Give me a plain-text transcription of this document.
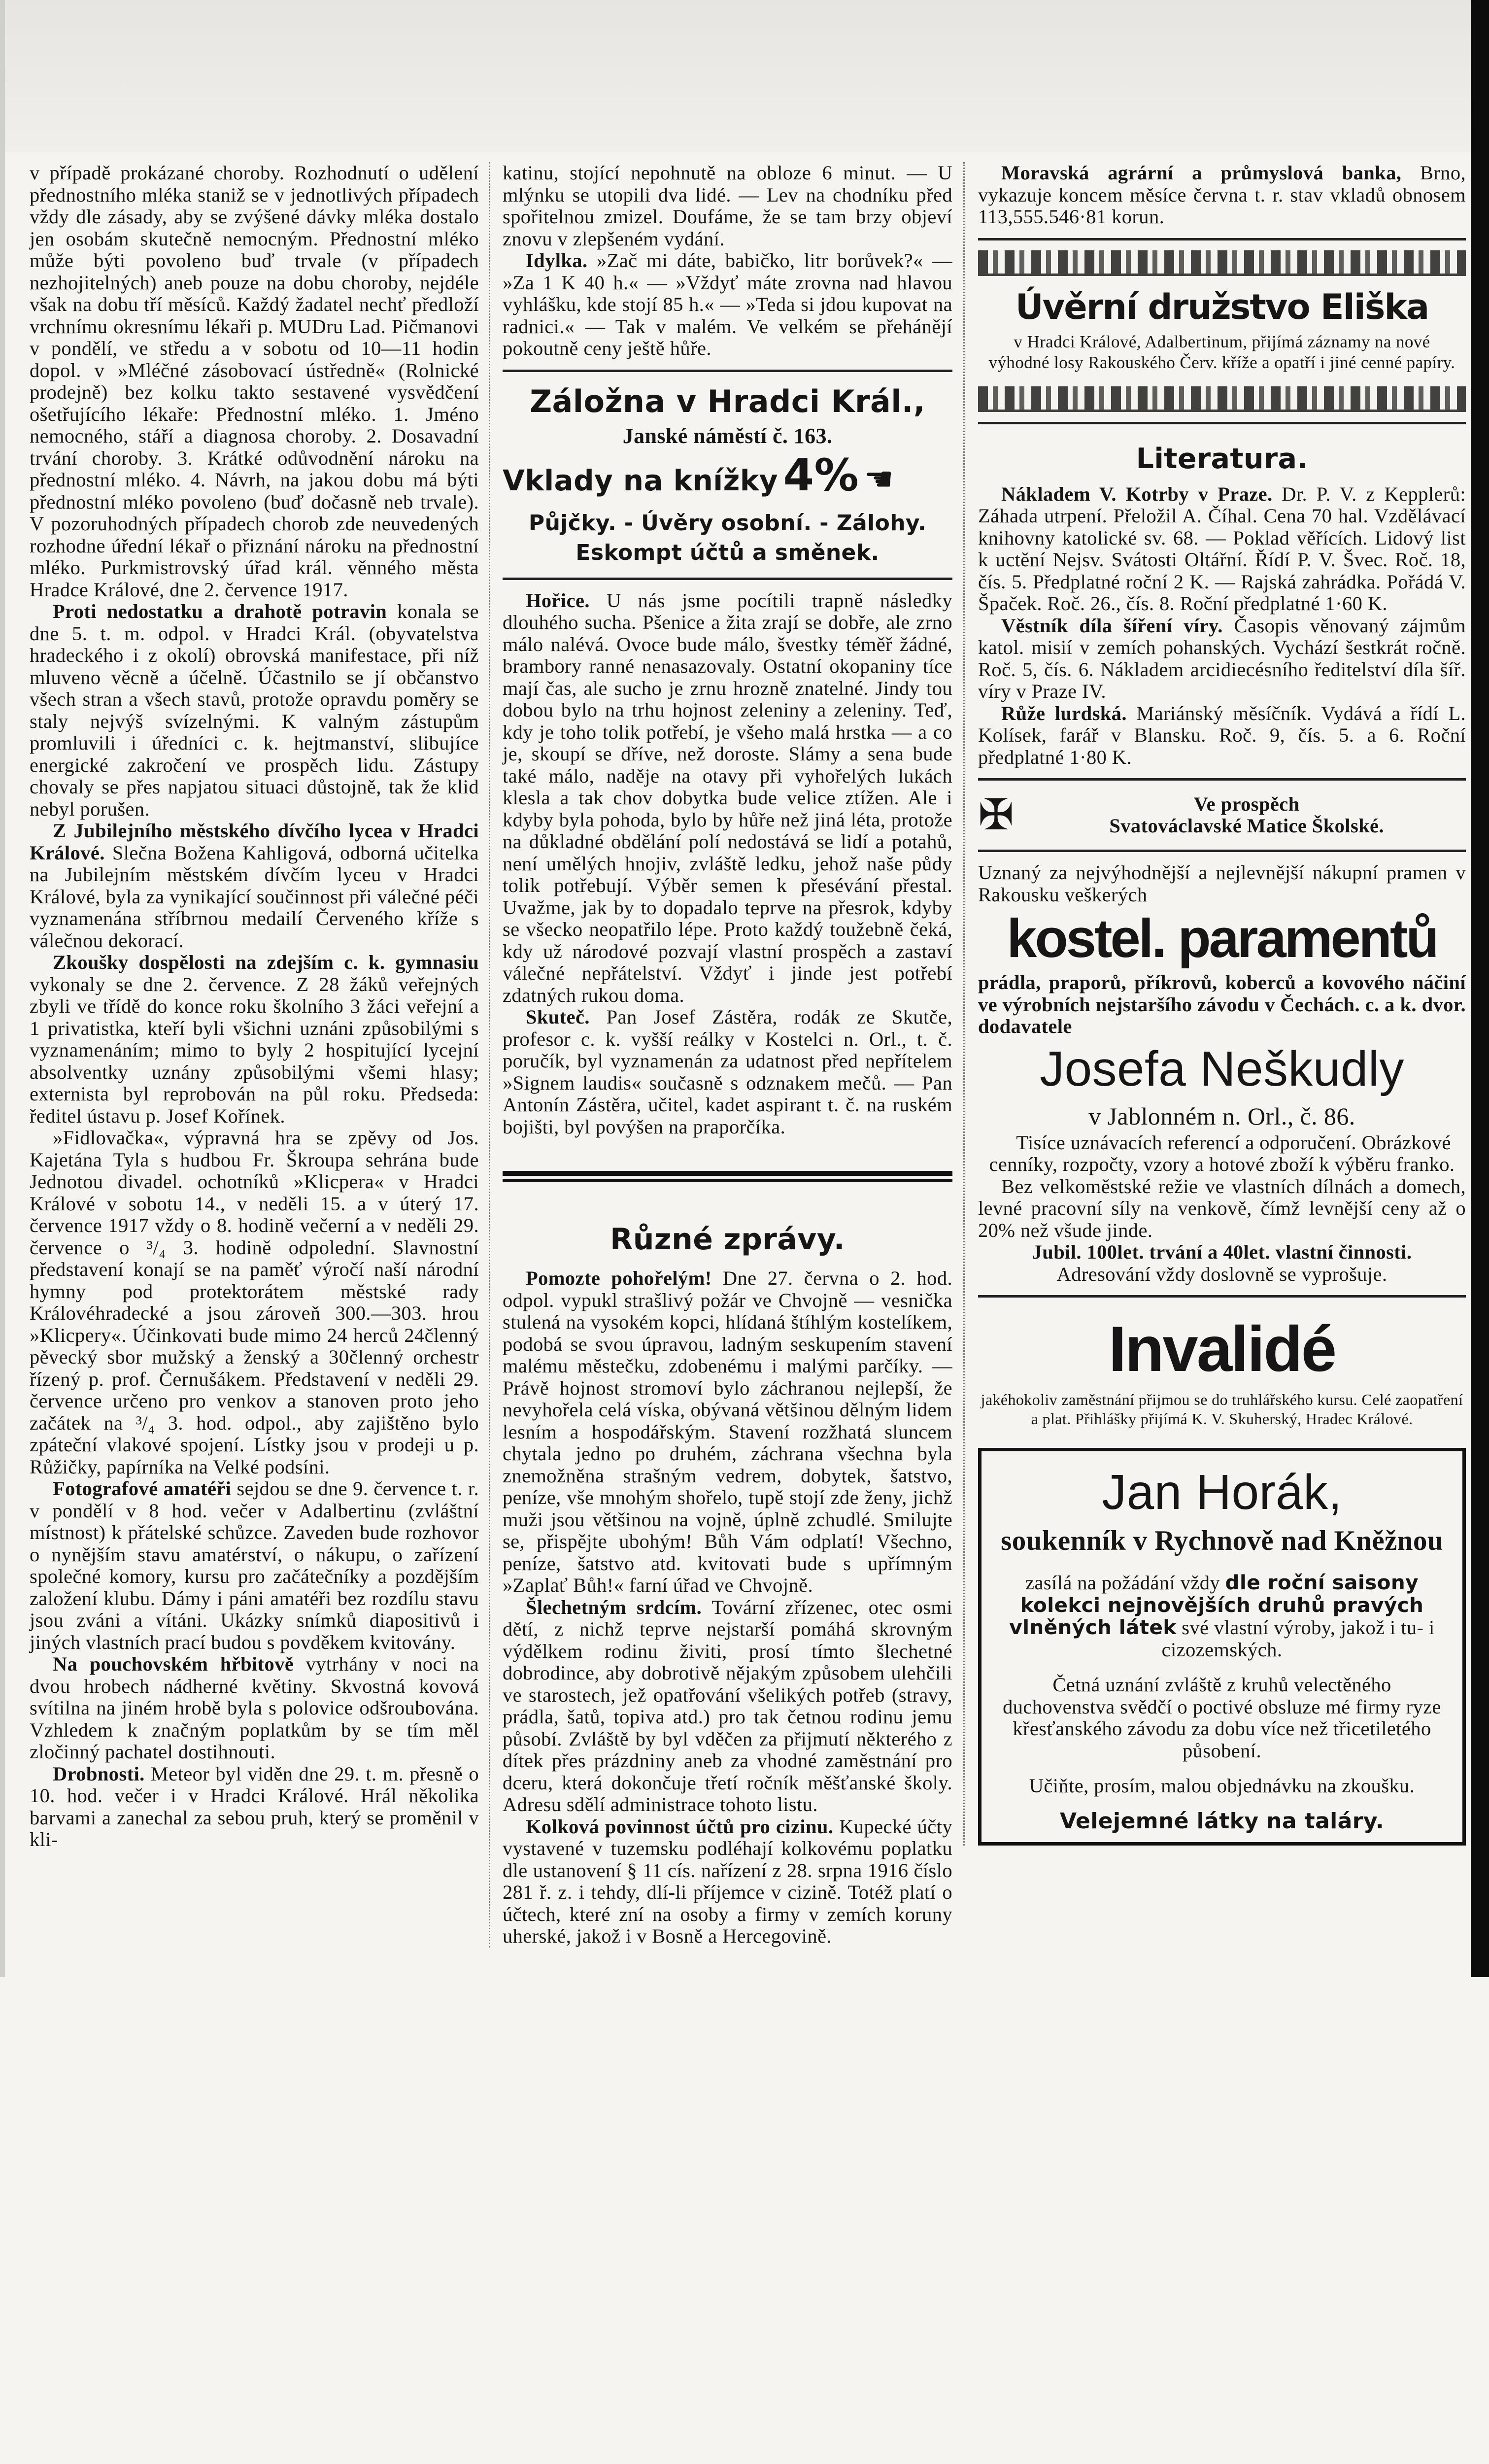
v případě prokázané choroby. Rozhodnutí o udělení přednostního mléka staniž se v jednotlivých případech vždy dle zásady, aby se zvýšené dávky mléka dostalo jen osobám skutečně nemocným. Přednostní mléko může býti povoleno buď trvale (v případech nezhojitelných) aneb pouze na dobu choroby, nejdéle však na dobu tří měsíců. Každý žadatel nechť předloží vrchnímu okresnímu lékaři p. MUDru Lad. Pičmanovi v pondělí, ve středu a v sobotu od 10—11 hodin dopol. v »Mléčné zásobovací ústředně« (Rolnické prodejně) bez kolku takto sestavené vysvědčení ošetřujícího lékaře: Přednostní mléko. 1. Jméno nemocného, stáří a diagnosa choroby. 2. Dosavadní trvání choroby. 3. Krátké odůvodnění nároku na přednostní mléko. 4. Návrh, na jakou dobu má býti přednostní mléko povoleno (buď dočasně neb trvale). V pozoruhodných případech chorob zde neuvedených rozhodne úřední lékař o přiznání nároku na přednostní mléko. Purkmistrovský úřad král. věnného města Hradce Králové, dne 2. července 1917.

Proti nedostatku a drahotě potravin konala se dne 5. t. m. odpol. v Hradci Král. (obyvatelstva hradeckého i z okolí) obrovská manifestace, při níž mluveno věcně a účelně. Účastnilo se jí občanstvo všech stran a všech stavů, protože opravdu poměry se staly nejvýš svízelnými. K valným zástupům promluvili i úředníci c. k. hejtmanství, slibujíce energické zakročení ve prospěch lidu. Zástupy chovaly se přes napjatou situaci důstojně, tak že klid nebyl porušen.

Z Jubilejního městského dívčího lycea v Hradci Králové. Slečna Božena Kahligová, odborná učitelka na Jubilejním městském dívčím lyceu v Hradci Králové, byla za vynikající součinnost při válečné péči vyznamenána stříbrnou medailí Červeného kříže s válečnou dekorací.

Zkoušky dospělosti na zdejším c. k. gymnasiu vykonaly se dne 2. července. Z 28 žáků veřejných zbyli ve třídě do konce roku školního 3 žáci veřejní a 1 privatistka, kteří byli všichni uznáni způsobilými s vyznamenáním; mimo to byly 2 hospitující lycejní absolventky uznány způsobilými všemi hlasy; externista byl reprobován na půl roku. Předseda: ředitel ústavu p. Josef Kořínek.

»Fidlovačka«, výpravná hra se zpěvy od Jos. Kajetána Tyla s hudbou Fr. Škroupa sehrána bude Jednotou divadel. ochotníků »Klicpera« v Hradci Králové v sobotu 14., v neděli 15. a v úterý 17. července 1917 vždy o 8. hodině večerní a v neděli 29. července o ³/₄ 3. hodině odpolední. Slavnostní představení konají se na paměť výročí naší národní hymny pod protektorátem městské rady Královéhradecké a jsou zároveň 300.—303. hrou »Klicpery«. Účinkovati bude mimo 24 herců 24členný pěvecký sbor mužský a ženský a 30členný orchestr řízený p. prof. Černušákem. Představení v neděli 29. července určeno pro venkov a stanoven proto jeho začátek na ³/₄ 3. hod. odpol., aby zajištěno bylo zpáteční vlakové spojení. Lístky jsou v prodeji u p. Růžičky, papírníka na Velké podsíni.

Fotografové amatéři sejdou se dne 9. července t. r. v pondělí v 8 hod. večer v Adalbertinu (zvláštní místnost) k přátelské schůzce. Zaveden bude rozhovor o nynějším stavu amatérství, o nákupu, o zařízení společné komory, kursu pro začátečníky a pozdějším založení klubu. Dámy i páni amatéři bez rozdílu stavu jsou zváni a vítáni. Ukázky snímků diapositivů i jiných vlastních prací budou s povděkem kvitovány.

Na pouchovském hřbitově vytrhány v noci na dvou hrobech nádherné květiny. Skvostná kovová svítilna na jiném hrobě byla s polovice odšroubována. Vzhledem k značným poplatkům by se tím měl zločinný pachatel dostihnouti.

Drobnosti. Meteor byl viděn dne 29. t. m. přesně o 10. hod. večer i v Hradci Králové. Hrál několika barvami a zanechal za sebou pruh, který se proměnil v kli-

katinu, stojící nepohnutě na obloze 6 minut. — U mlýnku se utopili dva lidé. — Lev na chodníku před spořitelnou zmizel. Doufáme, že se tam brzy objeví znovu v zlepšeném vydání.

Idylka. »Zač mi dáte, babičko, litr borůvek?« — »Za 1 K 40 h.« — »Vždyť máte zrovna nad hlavou vyhlášku, kde stojí 85 h.« — »Teda si jdou kupovat na radnici.« — Tak v malém. Ve velkém se přehánějí pokoutně ceny ještě hůře.

Záložna v Hradci Král.,
Janské náměstí č. 163.
Vklady na knížky 4% ☚
Půjčky. - Úvěry osobní. - Zálohy.
Eskompt účtů a směnek.

Hořice. U nás jsme pocítili trapně následky dlouhého sucha. Pšenice a žita zrají se dobře, ale zrno málo nalévá. Ovoce bude málo, švestky téměř žádné, brambory ranné nenasazovaly. Ostatní okopaniny tíce mají čas, ale sucho je zrnu hrozně znatelné. Jindy tou dobou bylo na trhu hojnost zeleniny a zeleniny. Teď, kdy je toho tolik potřebí, je všeho malá hrstka — a co je, skoupí se dříve, než doroste. Slámy a sena bude také málo, naděje na otavy při vyhořelých lukách klesla a tak chov dobytka bude velice ztížen. Ale i kdyby byla pohoda, bylo by hůře než jiná léta, protože na důkladné obdělání polí nedostává se lidí a potahů, není umělých hnojiv, zvláště ledku, jehož naše půdy tolik potřebují. Výběr semen k přesévání přestal. Uvažme, jak by to dopadalo teprve na přesrok, kdyby se všecko neopatřilo lépe. Proto každý toužebně čeká, kdy už národové pozvají vlastní prospěch a zastaví válečné nepřátelství. Vždyť i jinde jest potřebí zdatných rukou doma.

Skuteč. Pan Josef Zástěra, rodák ze Skutče, profesor c. k. vyšší reálky v Kostelci n. Orl., t. č. poručík, byl vyznamenán za udatnost před nepřítelem »Signem laudis« současně s odznakem mečů. — Pan Antonín Zástěra, učitel, kadet aspirant t. č. na ruském bojišti, byl povýšen na praporčíka.

Různé zprávy.

Pomozte pohořelým! Dne 27. června o 2. hod. odpol. vypukl strašlivý požár ve Chvojně — vesnička stulená na vysokém kopci, hlídaná štíhlým kostelíkem, podobá se svou úpravou, ladným seskupením stavení malému městečku, zdobenému i malými parčíky. — Právě hojnost stromoví bylo záchranou nejlepší, že nevyhořela celá víska, obývaná většinou dělným lidem lesním a hospodářským. Stavení rozžhatá sluncem chytala jedno po druhém, záchrana všechna byla znemožněna strašným vedrem, dobytek, šatstvo, peníze, vše mnohým shořelo, tupě stojí zde ženy, jichž muži jsou většinou na vojně, úplně zchudlé. Smilujte se, přispějte ubohým! Bůh Vám odplatí! Všechno, peníze, šatstvo atd. kvitovati bude s upřímným »Zaplať Bůh!« farní úřad ve Chvojně.

Šlechetným srdcím. Tovární zřízenec, otec osmi dětí, z nichž teprve nejstarší pomáhá skrovným výdělkem rodinu živiti, prosí tímto šlechetné dobrodince, aby dobrotivě nějakým způsobem ulehčili ve starostech, jež opatřování všelikých potřeb (stravy, prádla, šatů, topiva atd.) pro tak četnou rodinu jemu působí. Zvláště by byl vděčen za přijmutí některého z dítek přes prázdniny aneb za vhodné zaměstnání pro dceru, která dokončuje třetí ročník měšťanské školy. Adresu sdělí administrace tohoto listu.

Kolková povinnost účtů pro cizinu. Kupecké účty vystavené v tuzemsku podléhají kolkovému poplatku dle ustanovení § 11 cís. nařízení z 28. srpna 1916 číslo 281 ř. z. i tehdy, dlí-li příjemce v cizině. Totéž platí o účtech, které zní na osoby a firmy v zemích koruny uherské, jakož i v Bosně a Hercegovině.

Moravská agrární a průmyslová banka, Brno, vykazuje koncem měsíce června t. r. stav vkladů obnosem 113,555.546·81 korun.

Úvěrní družstvo Eliška
v Hradci Králové, Adalbertinum, přijímá záznamy na nové výhodné losy Rakouského Červ. kříže a opatří i jiné cenné papíry.
Literatura.

Nákladem V. Kotrby v Praze. Dr. P. V. z Kepplerů: Záhada utrpení. Přeložil A. Číhal. Cena 70 hal. Vzdělávací knihovny katolické sv. 68. — Poklad věřících. Lidový list k uctění Nejsv. Svátosti Oltářní. Řídí P. V. Švec. Roč. 18, čís. 5. Předplatné roční 2 K. — Rajská zahrádka. Pořádá V. Špaček. Roč. 26., čís. 8. Roční předplatné 1·60 K.

Věstník díla šíření víry. Časopis věnovaný zájmům katol. misií v zemích pohanských. Vychází šestkrát ročně. Roč. 5, čís. 6. Nákladem arcidiecésního ředitelství díla šíř. víry v Praze IV.

Růže lurdská. Mariánský měsíčník. Vydává a řídí L. Kolísek, farář v Blansku. Roč. 9, čís. 5. a 6. Roční předplatné 1·80 K.

✠	Ve prospěch
Svatováclavské Matice Školské.
Uznaný za nejvýhodnější a nejlevnější nákupní pramen v Rakousku veškerých
kostel. paramentů
prádla, praporů, příkrovů, koberců a kovového náčiní ve výrobních nejstaršího závodu v Čechách. c. a k. dvor. dodavatele
Josefa Neškudly
v Jablonném n. Orl., č. 86.

Tisíce uznávacích referencí a odporučení. Obrázkové cenníky, rozpočty, vzory a hotové zboží k výběru franko.

Bez velkoměstské režie ve vlastních dílnách a domech, levné pracovní síly na venkově, čímž levnější ceny až o 20% než všude jinde.

Jubil. 100let. trvání a 40let. vlastní činnosti.
Adresování vždy doslovně se vyprošuje.
Invalidé
jakéhokoliv zaměstnání přijmou se do truhlářského kursu. Celé zaopatření a plat. Přihlášky přijímá K. V. Skuherský, Hradec Králové.
Jan Horák,
soukenník v Rychnově nad Kněžnou
zasílá na požádání vždy dle roční saisony kolekci nejnovějších druhů pravých vlněných látek své vlastní výroby, jakož i tu- i cizozemských.
Četná uznání zvláště z kruhů velectěného duchovenstva svědčí o poctivé obsluze mé firmy ryze křesťanského závodu za dobu více než třicetiletého působení.
Učiňte, prosím, malou objednávku na zkoušku.
Velejemné látky na taláry.
